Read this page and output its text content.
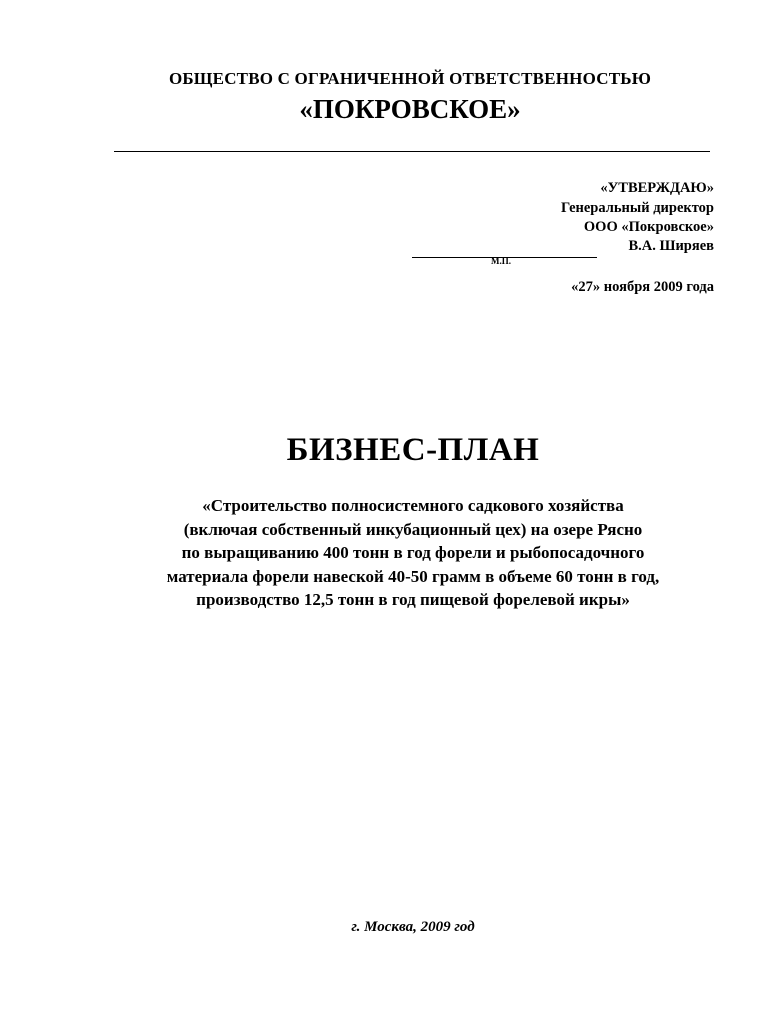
ОБЩЕСТВО С ОГРАНИЧЕННОЙ ОТВЕТСТВЕННОСТЬЮ
«ПОКРОВСКОЕ»
«УТВЕРЖДАЮ»
Генеральный директор
ООО «Покровское»
В.А. Ширяев
М.П.
«27» ноября 2009 года
БИЗНЕС-ПЛАН
«Строительство полносистемного садкового хозяйства
(включая собственный инкубационный цех) на озере Рясно
по выращиванию 400 тонн в год форели и рыбопосадочного
материала форели навеской 40-50 грамм в объеме 60 тонн в год,
производство 12,5 тонн в год пищевой форелевой икры»
г. Москва, 2009 год
